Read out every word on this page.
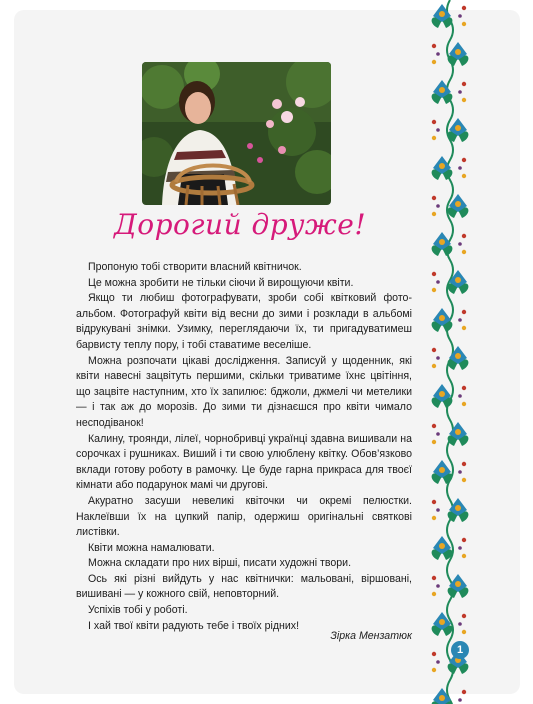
Дорогий друже!

Пропоную тобі створити власний квітничок.

Це можна зробити не тільки сіючи й вирощуючи квіти.

Якщо ти любиш фотографувати, зроби собі квітковий фотоальбом. Фотографуй квіти від весни до зими і розклади в альбомі відрукувані знімки. Узимку, переглядаючи їх, ти пригадуватимеш барвисту теплу пору, і тобі ставатиме веселіше.

Можна розпочати цікаві дослідження. Записуй у щоденник, які квіти навесні зацвітуть першими, скільки триватиме їхнє цвітіння, що зацвіте наступним, хто їх запилює: бджоли, джмелі чи метелики — і так аж до морозів. До зими ти дізнаєшся про квіти чимало несподіванок!

Калину, троянди, лілеї, чорнобривці українці здавна вишивали на сорочках і рушниках. Виший і ти свою улюблену квітку. Обов’язково вклади готову роботу в рамочку. Це буде гарна прикраса для твоєї кімнати або подарунок мамі чи другові.

Акуратно засуши невеликі квіточки чи окремі пелюстки. Наклеївши їх на цупкий папір, одержиш оригінальні святкові листівки.

Квіти можна намалювати.

Можна складати про них вірші, писати художні твори.

Ось які різні вийдуть у нас квітнички: мальовані, віршовані, вишивані — у кожного свій, неповторний.

Успіхів тобі у роботі.

І хай твої квіти радують тебе і твоїх рідних!

Зірка Мензатюк
1
